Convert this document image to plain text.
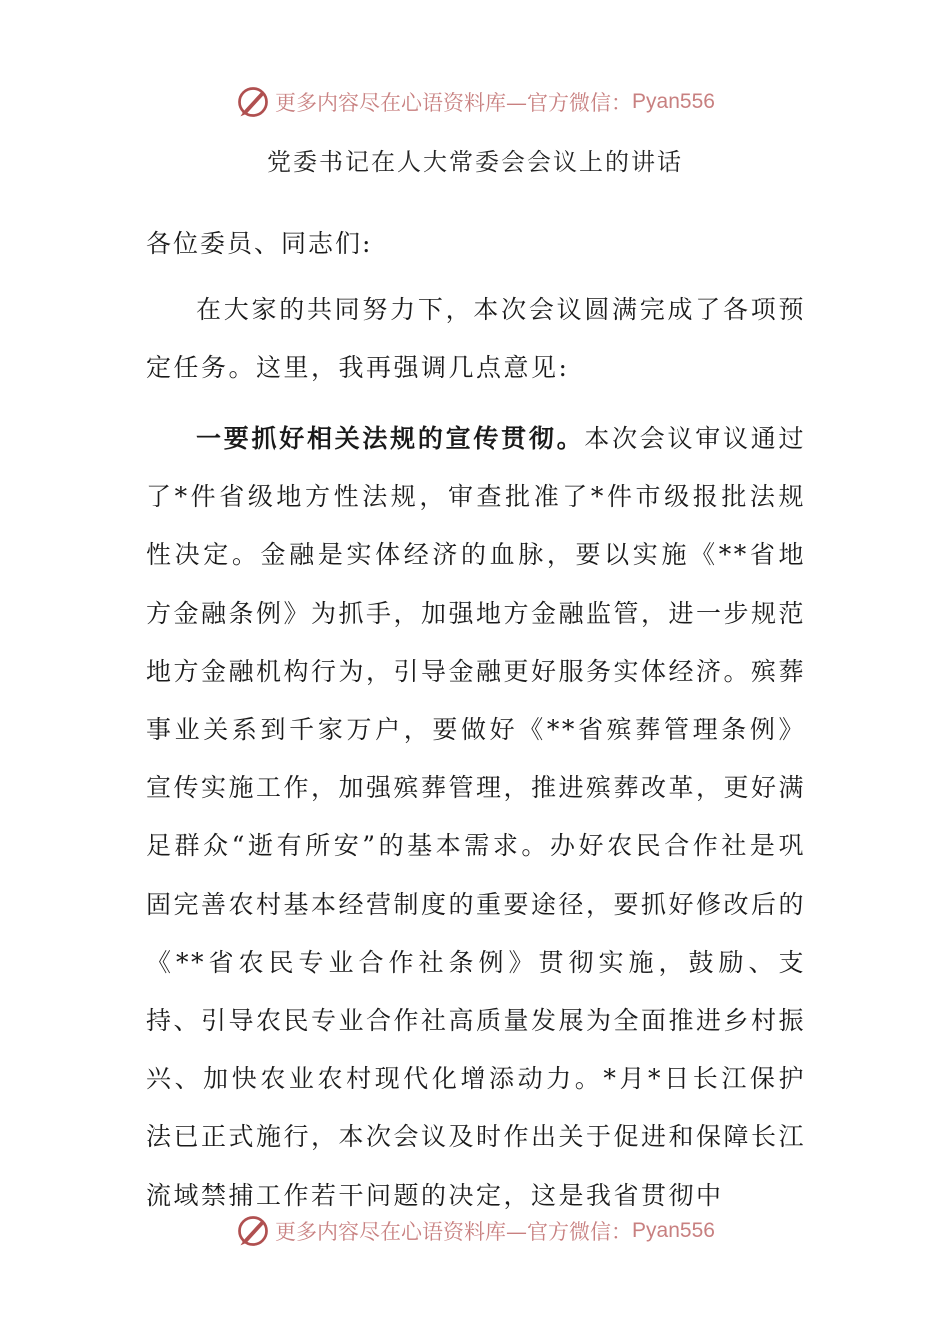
更多内容尽在心语资料库—官方微信： Pyan556
党委书记在人大常委会会议上的讲话
各位委员、同志们:
在大家的共同努力下，本次会议圆满完成了各项预定任务。这里，我再强调几点意见:
一要抓好相关法规的宣传贯彻。本次会议审议通过了*件省级地方性法规，审查批准了*件市级报批法规性决定。金融是实体经济的血脉，要以实施《**省地方金融条例》为抓手，加强地方金融监管，进一步规范地方金融机构行为，引导金融更好服务实体经济。殡葬事业关系到千家万户，要做好《**省殡葬管理条例》宣传实施工作，加强殡葬管理，推进殡葬改革，更好满足群众“逝有所安”的基本需求。办好农民合作社是巩固完善农村基本经营制度的重要途径，要抓好修改后的《**省农民专业合作社条例》贯彻实施，鼓励、支持、引导农民专业合作社高质量发展为全面推进乡村振兴、加快农业农村现代化增添动力。*月*日长江保护法已正式施行，本次会议及时作出关于促进和保障长江流域禁捕工作若干问题的决定，这是我省贯彻中
更多内容尽在心语资料库—官方微信： Pyan556
